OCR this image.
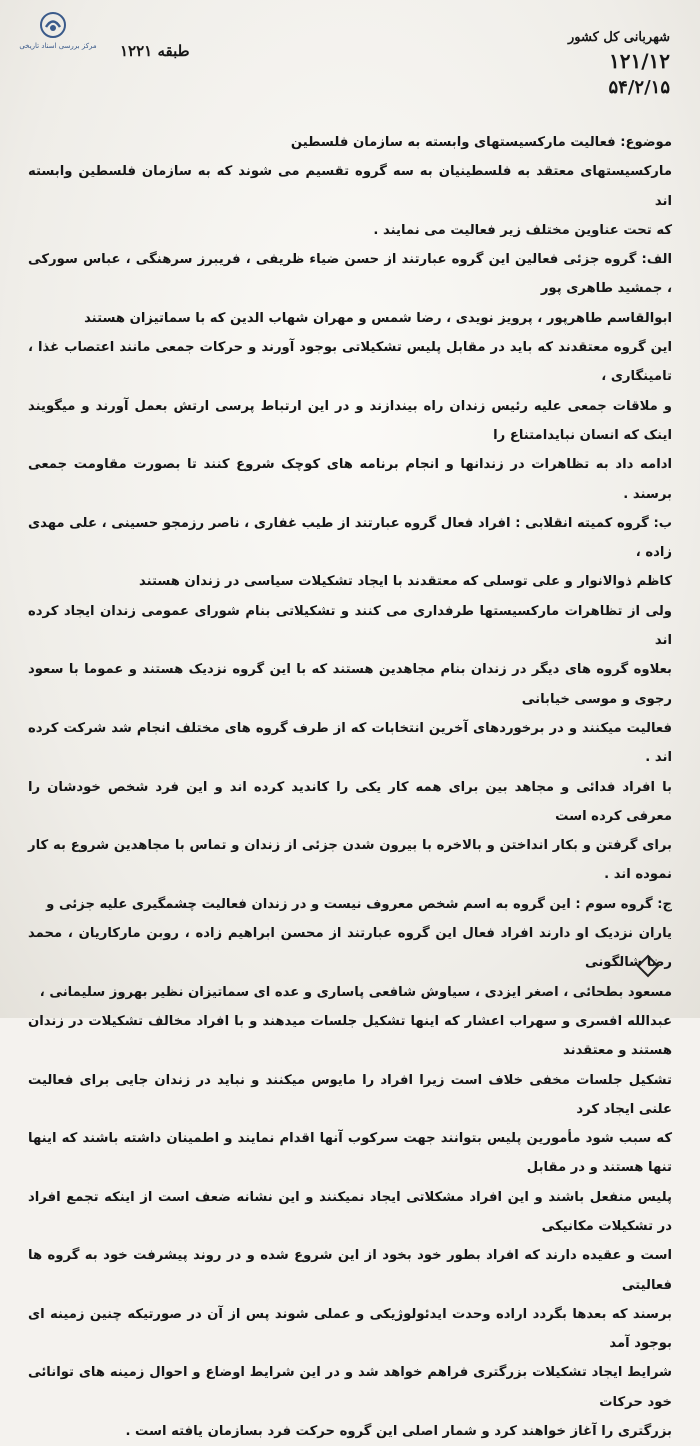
مرکز بررسی اسناد تاریخی طبقه ۱۲۲۱
شهربانی کل کشور
۱۲۱/۱۲
۵۴/۲/۱۵

موضوع: فعالیت مارکسیستهای وابسته به سازمان فلسطین

مارکسیستهای معتقد به فلسطینیان به سه گروه تقسیم می شوند که به سازمان فلسطین وابسته اند

که تحت عناوین مختلف زیر فعالیت می نمایند .

الف: گروه جزئی فعالین این گروه عبارتند از حسن ضیاء ظریفی ، فریبرز سرهنگی ، عباس سورکی ، جمشید طاهری پور

ابوالقاسم طاهرپور ، پرویز نویدی ، رضا شمس و مهران شهاب الدین که با سماتیزان هستند

این گروه معتقدند که باید در مقابل پلیس تشکیلاتی بوجود آورند و حرکات جمعی مانند اعتصاب غذا ، تامینگاری ،

و ملاقات جمعی علیه رئیس زندان راه بیندازند و در این ارتباط پرسی ارتش بعمل آورند و میگویند اینک که انسان نبایدامتناع را

ادامه داد به تظاهرات در زندانها و انجام برنامه های کوچک شروع کنند تا بصورت مقاومت جمعی برسند .

ب: گروه کمیته انقلابی : افراد فعال گروه عبارتند از طیب غفاری ، ناصر رزمجو حسینی ، علی مهدی زاده ،

کاظم ذوالانوار و علی توسلی که معتقدند با ایجاد تشکیلات سیاسی در زندان هستند

ولی از تظاهرات مارکسیستها طرفداری می کنند و تشکیلاتی بنام شورای عمومی زندان ایجاد کرده اند

بعلاوه گروه های دیگر در زندان بنام مجاهدین هستند که با این گروه نزدیک هستند و عموما با سعود رجوی و موسی خیابانی

فعالیت میکنند و در برخوردهای آخرین انتخابات که از طرف گروه های مختلف انجام شد شرکت کرده اند .

با افراد فدائی و مجاهد بین برای همه کار یکی را کاندید کرده اند و این فرد شخص خودشان را معرفی کرده است

برای گرفتن و بکار انداختن و بالاخره با بیرون شدن جزئی از زندان و تماس با مجاهدین شروع به کار نموده اند .

ج: گروه سوم : این گروه به اسم شخص معروف نیست و در زندان فعالیت چشمگیری علیه جزئی و

یاران نزدیک او دارند افراد فعال این گروه عبارتند از محسن ابراهیم زاده ، روبن مارکاریان ، محمد رضا شالگونی

مسعود بطحائی ، اصغر ایزدی ، سیاوش شافعی پاساری و عده ای سماتیزان نظیر بهروز سلیمانی ،

عبدالله افسری و سهراب اعشار که اینها تشکیل جلسات میدهند و با افراد مخالف تشکیلات در زندان هستند و معتقدند

تشکیل جلسات مخفی خلاف است زیرا افراد را مایوس میکنند و نباید در زندان جایی برای فعالیت علنی ایجاد کرد

که سبب شود مأمورین پلیس بتوانند جهت سرکوب آنها اقدام نمایند و اطمینان داشته باشند که اینها تنها هستند و در مقابل

پلیس منفعل باشند و این افراد مشکلاتی ایجاد نمیکنند و این نشانه ضعف است از اینکه تجمع افراد در تشکیلات مکانیکی

است و عقیده دارند که افراد بطور خود بخود از این شروع شده و در روند پیشرفت خود به گروه ها فعالیتی

برسند که بعدها بگردد اراده وحدت ایدئولوژیکی و عملی شوند پس از آن در صورتیکه چنین زمینه ای بوجود آمد

شرایط ایجاد تشکیلات بزرگتری فراهم خواهد شد و در این شرایط اوضاع و احوال زمینه های توانائی خود حرکات

بزرگتری را آغاز خواهند کرد و شمار اصلی این گروه حرکت فرد بسازمان یافته است .
